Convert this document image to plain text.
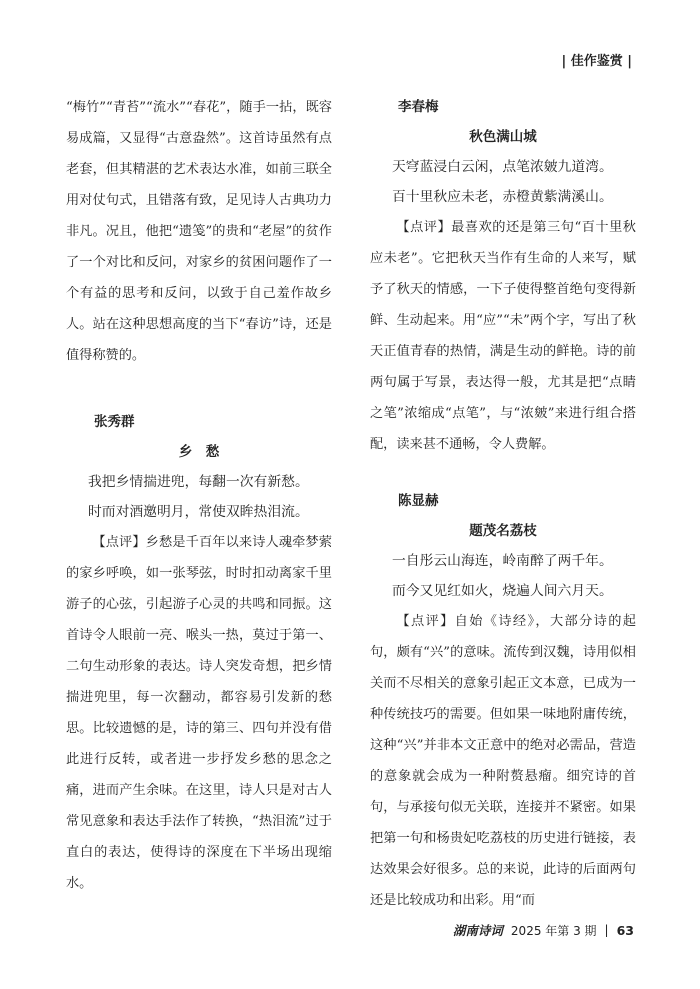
| 佳作鉴赏 |

“梅竹”“青苔”“流水”“春花”，随手一拈，既容易成篇，又显得“古意盎然”。这首诗虽然有点老套，但其精湛的艺术表达水准，如前三联全用对仗句式，且错落有致，足见诗人古典功力非凡。况且，他把“遗笺”的贵和“老屋”的贫作了一个对比和反问，对家乡的贫困问题作了一个有益的思考和反问，以致于自己羞作故乡人。站在这种思想高度的当下“春访”诗，还是值得称赞的。

张秀群

乡　愁

我把乡情揣进兜，每翻一次有新愁。

时而对酒邀明月，常使双眸热泪流。

【点评】乡愁是千百年以来诗人魂牵梦萦的家乡呼唤，如一张琴弦，时时扣动离家千里游子的心弦，引起游子心灵的共鸣和同振。这首诗令人眼前一亮、喉头一热，莫过于第一、二句生动形象的表达。诗人突发奇想，把乡情揣进兜里，每一次翻动，都容易引发新的愁思。比较遗憾的是，诗的第三、四句并没有借此进行反转，或者进一步抒发乡愁的思念之痛，进而产生余味。在这里，诗人只是对古人常见意象和表达手法作了转换，“热泪流”过于直白的表达，使得诗的深度在下半场出现缩水。

李春梅

秋色满山城

天穹蓝浸白云闲，点笔浓皴九道湾。

百十里秋应未老，赤橙黄紫满溪山。

【点评】最喜欢的还是第三句“百十里秋应未老”。它把秋天当作有生命的人来写，赋予了秋天的情感，一下子使得整首绝句变得新鲜、生动起来。用“应”“未”两个字，写出了秋天正值青春的热情，满是生动的鲜艳。诗的前两句属于写景，表达得一般，尤其是把“点睛之笔”浓缩成“点笔”，与“浓皴”来进行组合搭配，读来甚不通畅，令人费解。

陈显赫

题茂名荔枝

一自彤云山海连，岭南醉了两千年。

而今又见红如火，烧遍人间六月天。

【点评】自始《诗经》，大部分诗的起句，颇有“兴”的意味。流传到汉魏，诗用似相关而不尽相关的意象引起正文本意，已成为一种传统技巧的需要。但如果一味地附庸传统，这种“兴”并非本文正意中的绝对必需品，营造的意象就会成为一种附赘悬瘤。细究诗的首句，与承接句似无关联，连接并不紧密。如果把第一句和杨贵妃吃荔枝的历史进行链接，表达效果会好很多。总的来说，此诗的后面两句还是比较成功和出彩。用“而

湖南诗词 2025 年第 3 期 | 63
